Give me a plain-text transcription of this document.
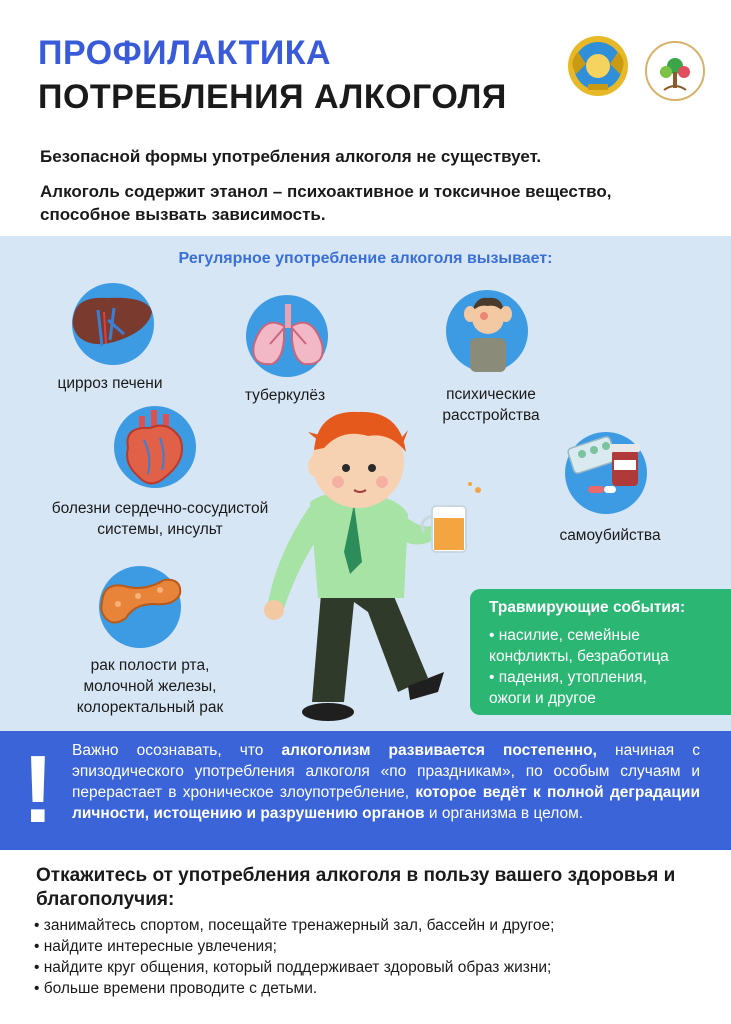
ПРОФИЛАКТИКА
ПОТРЕБЛЕНИЯ АЛКОГОЛЯ
Безопасной формы употребления алкоголя не существует.
Алкоголь содержит этанол – психоактивное и токсичное вещество, способное вызвать зависимость.
Регулярное употребление алкоголя вызывает:
цирроз печени
туберкулёз	психические
расстройства
болезни сердечно-сосудистой
системы, инсульт	самоубийства
рак полости рта,
молочной железы,
колоректальный рак
Травмирующие события:
• насилие, семейные
конфликты, безработица
• падения, утопления,
ожоги и другое
! Важно осознавать, что алкоголизм развивается постепенно, начиная с эпизодического употребления алкоголя «по праздникам», по особым случаям и перерастает в хроническое злоупотребление, которое ведёт к полной деградации личности, истощению и разрушению органов и организма в целом.
Откажитесь от употребления алкоголя в пользу вашего здоровья и благополучия:
• занимайтесь спортом, посещайте тренажерный зал, бассейн и другое;
• найдите интересные увлечения;
• найдите круг общения, который поддерживает здоровый образ жизни;
• больше времени проводите с детьми.
